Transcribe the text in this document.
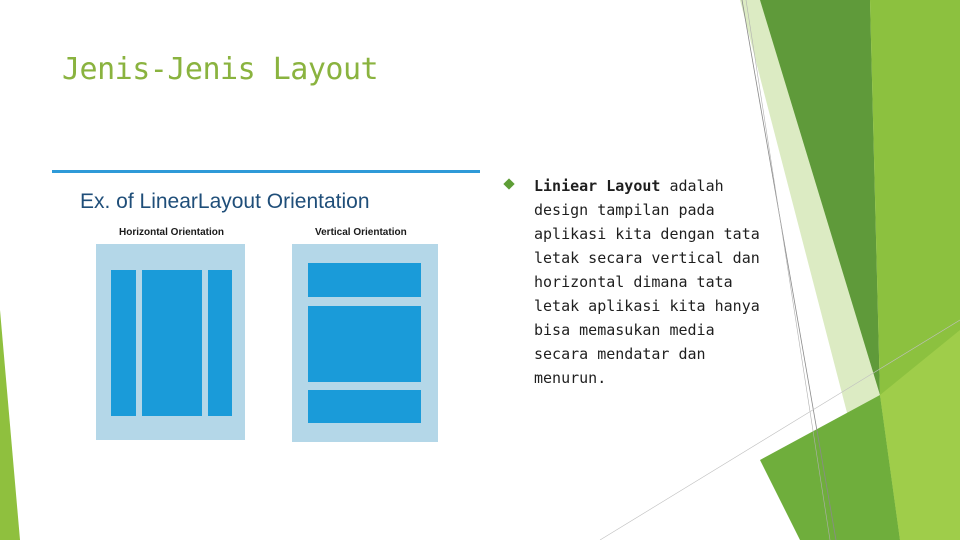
Jenis-Jenis Layout
Ex. of LinearLayout Orientation
Horizontal Orientation	Vertical Orientation

Liniear Layout adalah design tampilan pada aplikasi kita dengan tata letak secara vertical dan horizontal dimana tata letak aplikasi kita hanya bisa memasukan media secara mendatar dan menurun.
